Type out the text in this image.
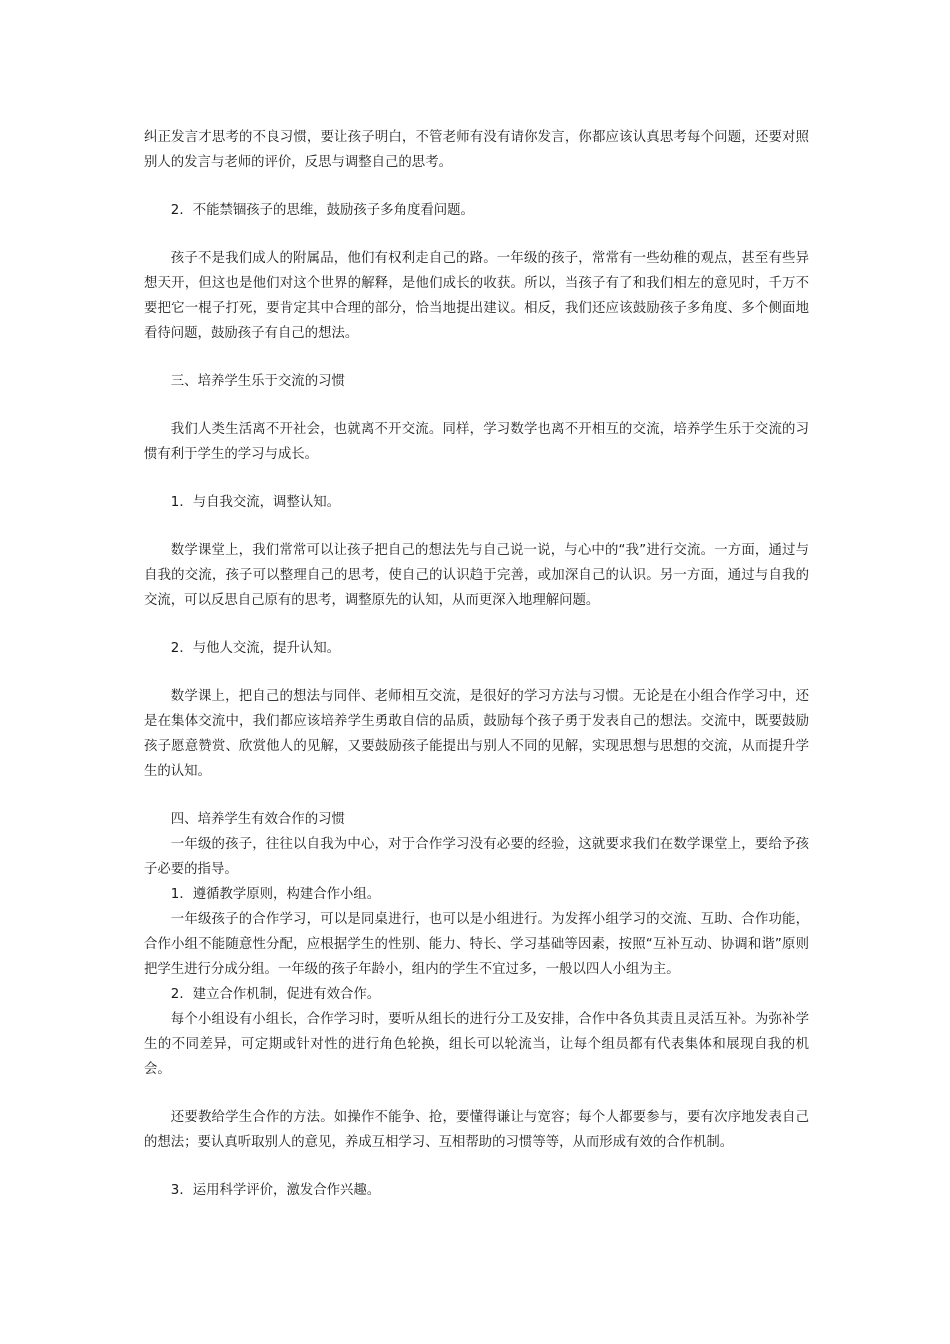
纠正发言才思考的不良习惯，要让孩子明白，不管老师有没有请你发言，你都应该认真思考每个问题，还要对照别人的发言与老师的评价，反思与调整自己的思考。

2．不能禁锢孩子的思维，鼓励孩子多角度看问题。

孩子不是我们成人的附属品，他们有权利走自己的路。一年级的孩子，常常有一些幼稚的观点，甚至有些异想天开，但这也是他们对这个世界的解释，是他们成长的收获。所以，当孩子有了和我们相左的意见时，千万不要把它一棍子打死，要肯定其中合理的部分，恰当地提出建议。相反，我们还应该鼓励孩子多角度、多个侧面地看待问题，鼓励孩子有自己的想法。

三、培养学生乐于交流的习惯

我们人类生活离不开社会，也就离不开交流。同样，学习数学也离不开相互的交流，培养学生乐于交流的习惯有利于学生的学习与成长。

1．与自我交流，调整认知。

数学课堂上，我们常常可以让孩子把自己的想法先与自己说一说，与心中的“我”进行交流。一方面，通过与自我的交流，孩子可以整理自己的思考，使自己的认识趋于完善，或加深自己的认识。另一方面，通过与自我的交流，可以反思自己原有的思考，调整原先的认知，从而更深入地理解问题。

2．与他人交流，提升认知。

数学课上，把自己的想法与同伴、老师相互交流，是很好的学习方法与习惯。无论是在小组合作学习中，还是在集体交流中，我们都应该培养学生勇敢自信的品质，鼓励每个孩子勇于发表自己的想法。交流中，既要鼓励孩子愿意赞赏、欣赏他人的见解，又要鼓励孩子能提出与别人不同的见解，实现思想与思想的交流，从而提升学生的认知。

四、培养学生有效合作的习惯

一年级的孩子，往往以自我为中心，对于合作学习没有必要的经验，这就要求我们在数学课堂上，要给予孩子必要的指导。

1．遵循教学原则，构建合作小组。

一年级孩子的合作学习，可以是同桌进行，也可以是小组进行。为发挥小组学习的交流、互助、合作功能，合作小组不能随意性分配，应根据学生的性别、能力、特长、学习基础等因素，按照“互补互动、协调和谐”原则把学生进行分成分组。一年级的孩子年龄小，组内的学生不宜过多，一般以四人小组为主。

2．建立合作机制，促进有效合作。

每个小组设有小组长，合作学习时，要听从组长的进行分工及安排，合作中各负其责且灵活互补。为弥补学生的不同差异，可定期或针对性的进行角色轮换，组长可以轮流当，让每个组员都有代表集体和展现自我的机会。

还要教给学生合作的方法。如操作不能争、抢，要懂得谦让与宽容；每个人都要参与，要有次序地发表自己的想法；要认真听取别人的意见，养成互相学习、互相帮助的习惯等等，从而形成有效的合作机制。

3．运用科学评价，激发合作兴趣。
